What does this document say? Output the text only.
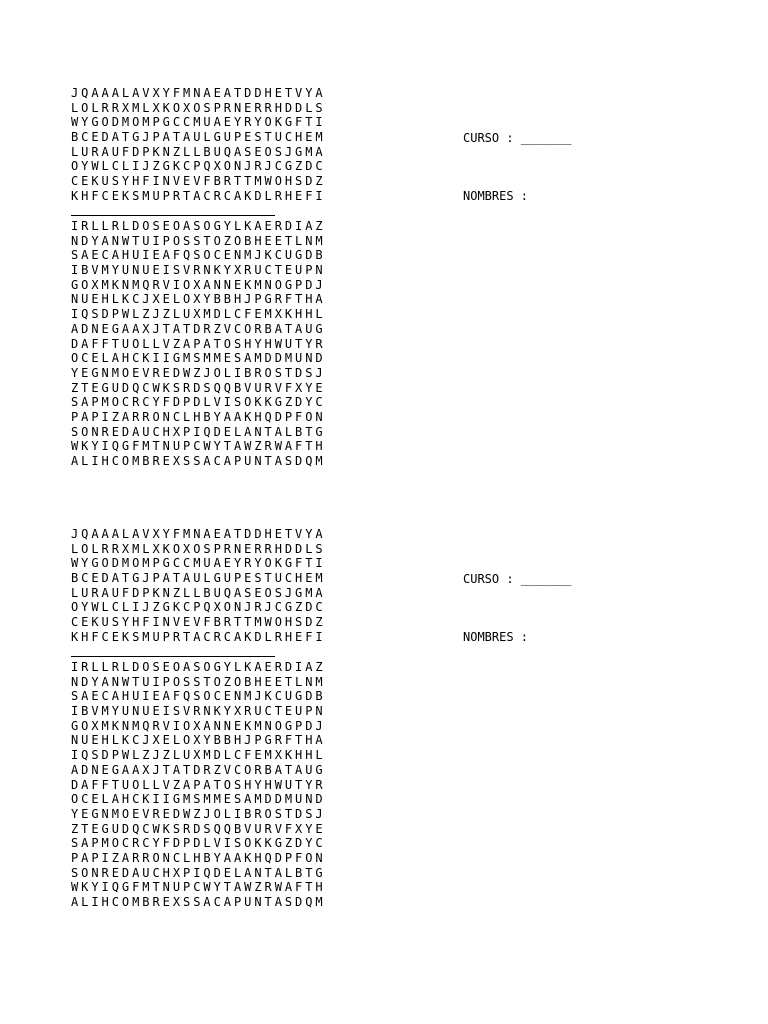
JQAAALAVXYFMNAEATDDHETVYA
LOLRRXMLXKOXOSPRNERRHDDLS
WYGODMOMPGCCMUAEYRYOKGFTI
BCEDATGJPATAULGUPESTUCHEM
LURAUFDPKNZLLBUQASEOSJGMA
OYWLCLIJZGKCPQXONJRJCGZDC
CEKUSYHFINVEVFBRTTMWOHSDZ
KHFCEKSMUPRTACRCAKDLRHEFI
IRLLRLDOSEOASOGYLKAERDIAZ
NDYANWTUIPOSSTOZOBHEETLNM
SAECAHUIEAFQSOCENMJKCUGDB
IBVMYUNUEISVRNKYXRUCTEUPN
GOXMKNMQRVIOXANNEKMNOGPDJ
NUEHLKCJXELOXYBBHJPGRFTHA
IQSDPWLZJZLUXMDLCFEMXKHHL
ADNEGAAXJTATDRZVCORBATAUG
DAFFTUOLLVZAPATOSHYHWUTYR
OCELAHCKIIGMSMMESAMDDMUND
YEGNMOEVREDWZJOLIBROSTDSJ
ZTEGUDQCWKSRDSQQBVURVFXYE
SAPMOCRCYFDPDLVISOKKGZDYC
PAPIZARRONCLHBYAAKHQDPFON
SONREDAUCHXPIQDELANTALBTG
WKYIQGFMTNUPCWYTAWZRWAFTH
ALIHCOMBREXSSACAPUNTASDQM
CURSO : _______
NOMBRES :
JQAAALAVXYFMNAEATDDHETVYA
LOLRRXMLXKOXOSPRNERRHDDLS
WYGODMOMPGCCMUAEYRYOKGFTI
BCEDATGJPATAULGUPESTUCHEM
LURAUFDPKNZLLBUQASEOSJGMA
OYWLCLIJZGKCPQXONJRJCGZDC
CEKUSYHFINVEVFBRTTMWOHSDZ
KHFCEKSMUPRTACRCAKDLRHEFI
IRLLRLDOSEOASOGYLKAERDIAZ
NDYANWTUIPOSSTOZOBHEETLNM
SAECAHUIEAFQSOCENMJKCUGDB
IBVMYUNUEISVRNKYXRUCTEUPN
GOXMKNMQRVIOXANNEKMNOGPDJ
NUEHLKCJXELOXYBBHJPGRFTHA
IQSDPWLZJZLUXMDLCFEMXKHHL
ADNEGAAXJTATDRZVCORBATAUG
DAFFTUOLLVZAPATOSHYHWUTYR
OCELAHCKIIGMSMMESAMDDMUND
YEGNMOEVREDWZJOLIBROSTDSJ
ZTEGUDQCWKSRDSQQBVURVFXYE
SAPMOCRCYFDPDLVISOKKGZDYC
PAPIZARRONCLHBYAAKHQDPFON
SONREDAUCHXPIQDELANTALBTG
WKYIQGFMTNUPCWYTAWZRWAFTH
ALIHCOMBREXSSACAPUNTASDQM
CURSO : _______
NOMBRES :
